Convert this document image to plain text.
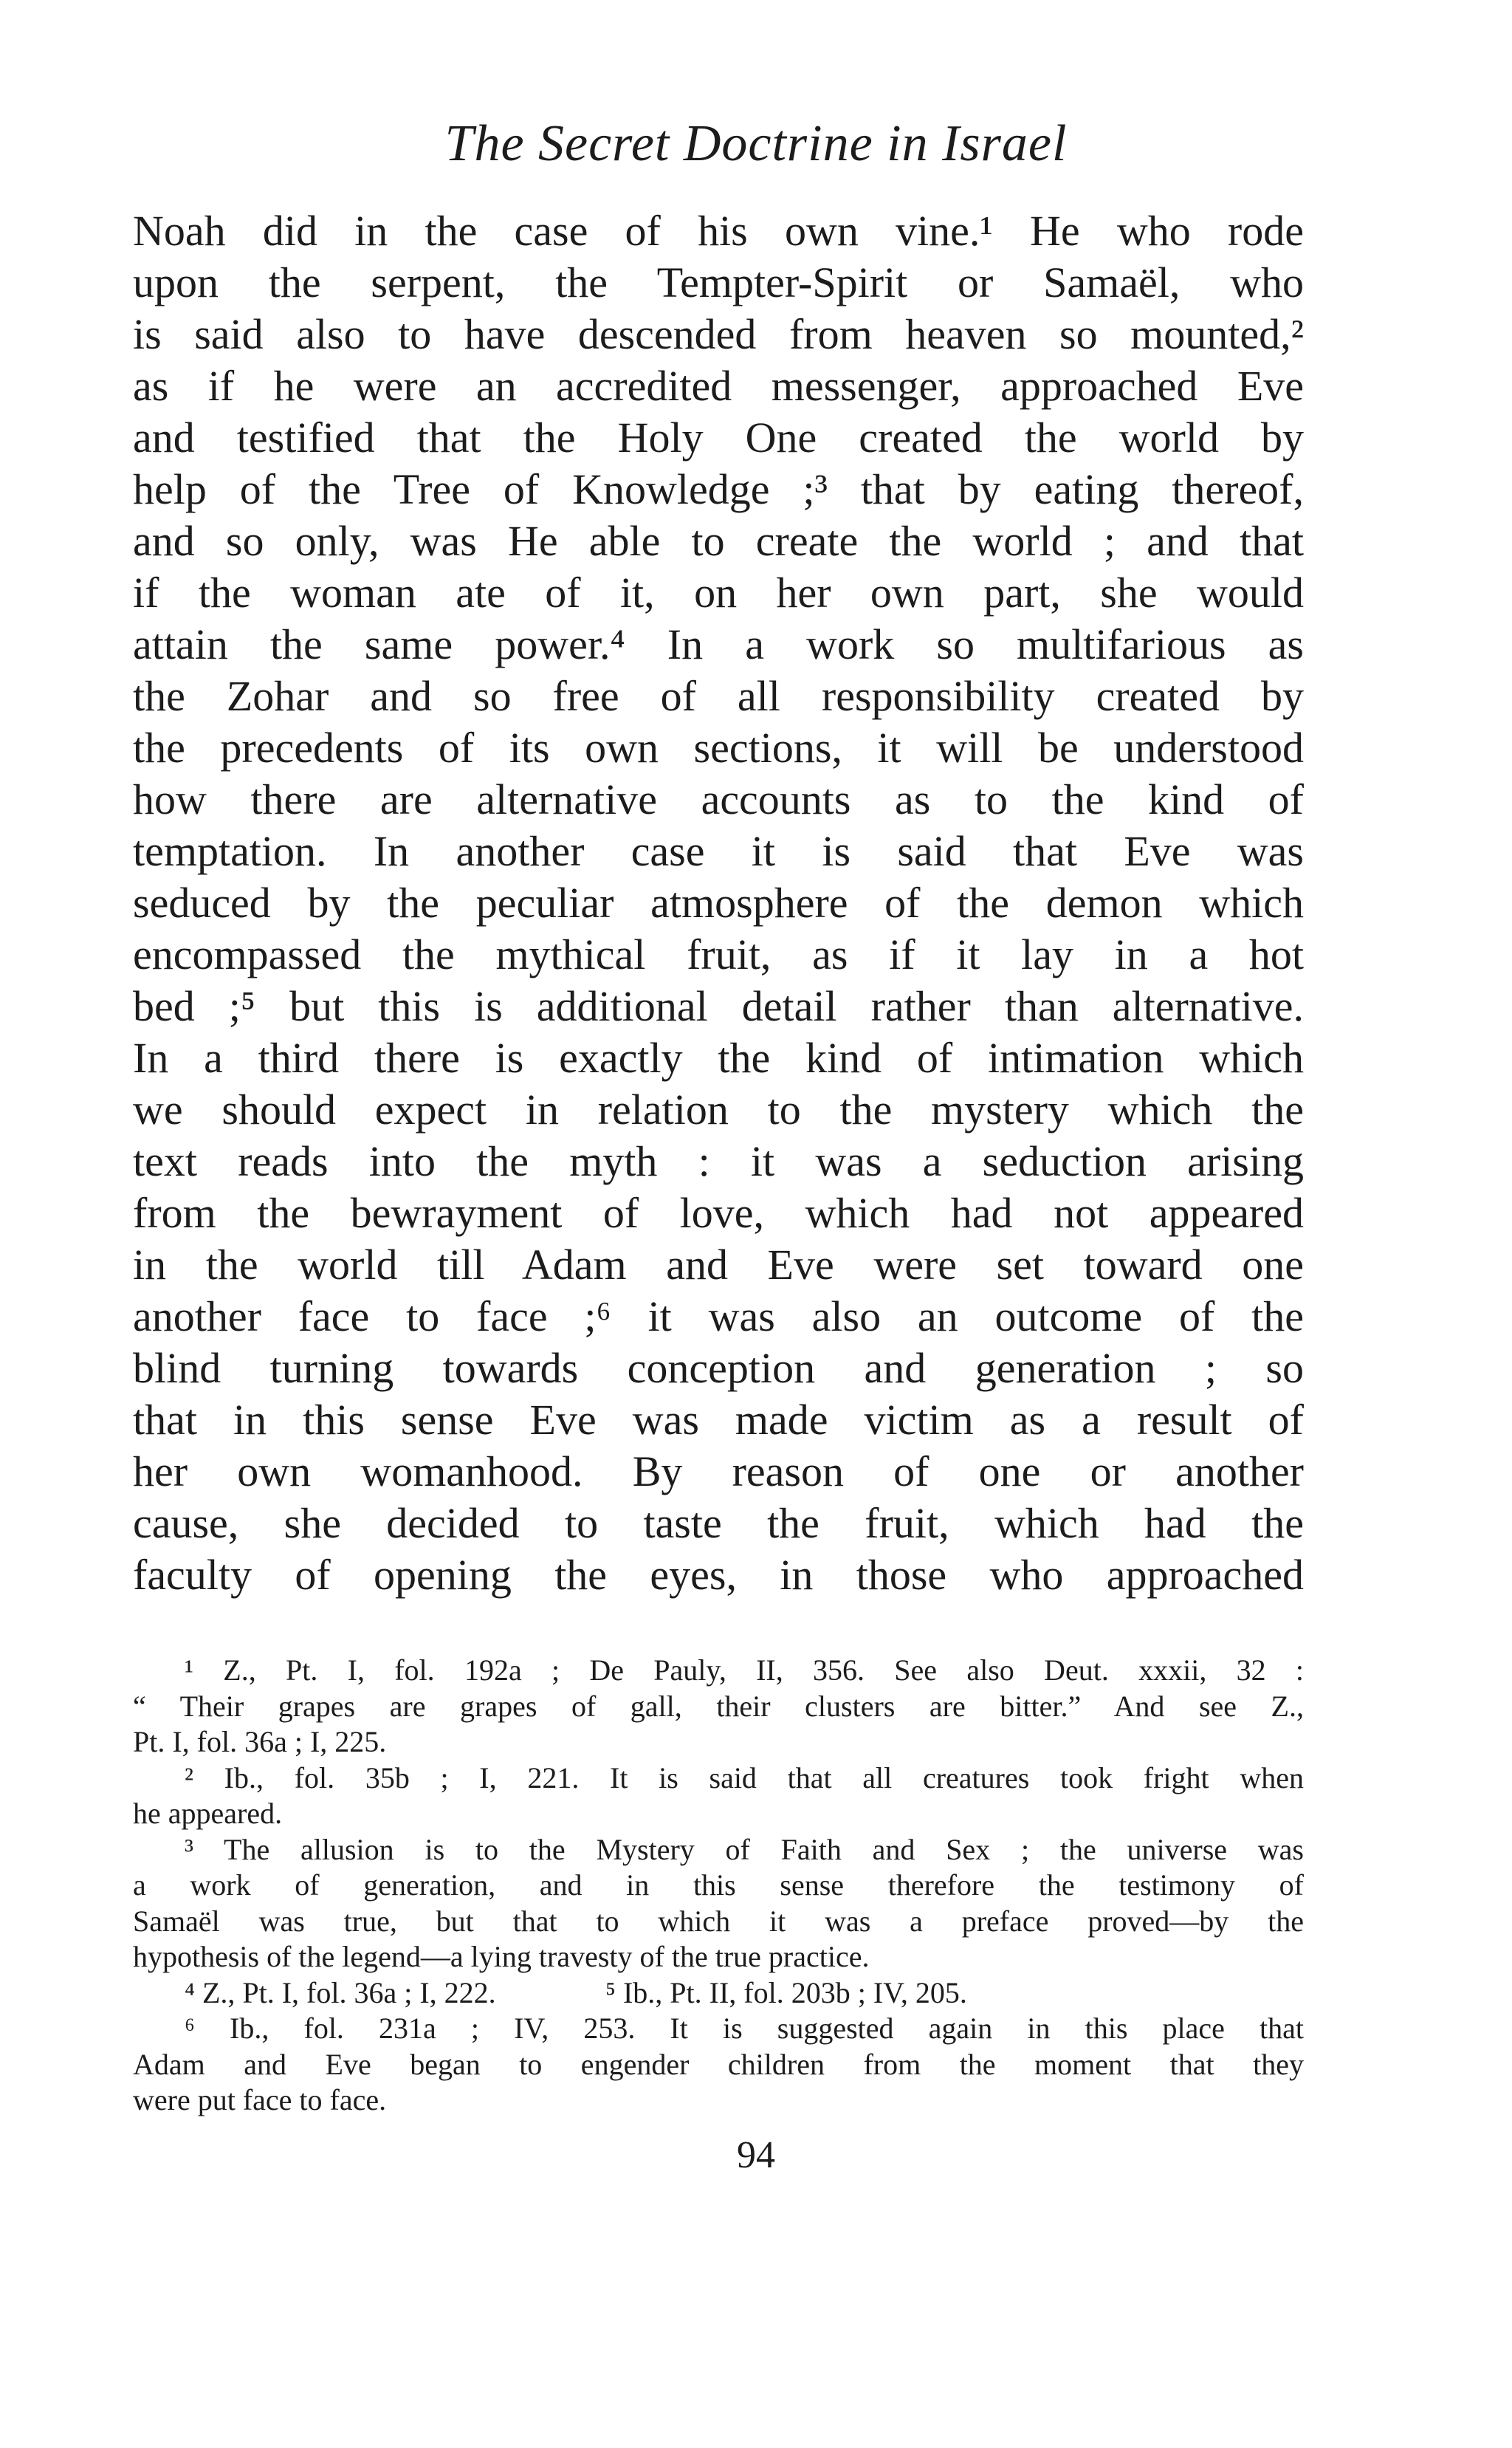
The Secret Doctrine in Israel
Noah did in the case of his own vine.¹ He who rode
upon the serpent, the Tempter-Spirit or Samaël, who
is said also to have descended from heaven so mounted,²
as if he were an accredited messenger, approached Eve
and testified that the Holy One created the world by
help of the Tree of Knowledge ;³ that by eating thereof,
and so only, was He able to create the world ; and that
if the woman ate of it, on her own part, she would
attain the same power.⁴ In a work so multifarious as
the Zohar and so free of all responsibility created by
the precedents of its own sections, it will be understood
how there are alternative accounts as to the kind of
temptation. In another case it is said that Eve was
seduced by the peculiar atmosphere of the demon which
encompassed the mythical fruit, as if it lay in a hot
bed ;⁵ but this is additional detail rather than alternative.
In a third there is exactly the kind of intimation which
we should expect in relation to the mystery which the
text reads into the myth : it was a seduction arising
from the bewrayment of love, which had not appeared
in the world till Adam and Eve were set toward one
another face to face ;⁶ it was also an outcome of the
blind turning towards conception and generation ; so
that in this sense Eve was made victim as a result of
her own womanhood. By reason of one or another
cause, she decided to taste the fruit, which had the
faculty of opening the eyes, in those who approached
¹ Z., Pt. I, fol. 192a ; De Pauly, II, 356. See also Deut. xxxii, 32 :
“ Their grapes are grapes of gall, their clusters are bitter.” And see Z.,
Pt. I, fol. 36a ; I, 225.
² Ib., fol. 35b ; I, 221. It is said that all creatures took fright when
he appeared.
³ The allusion is to the Mystery of Faith and Sex ; the universe was
a work of generation, and in this sense therefore the testimony of
Samaël was true, but that to which it was a preface proved—by the
hypothesis of the legend—a lying travesty of the true practice.
⁴ Z., Pt. I, fol. 36a ; I, 222.	⁵ Ib., Pt. II, fol. 203b ; IV, 205.
⁶ Ib., fol. 231a ; IV, 253. It is suggested again in this place that
Adam and Eve began to engender children from the moment that they
were put face to face.
94
